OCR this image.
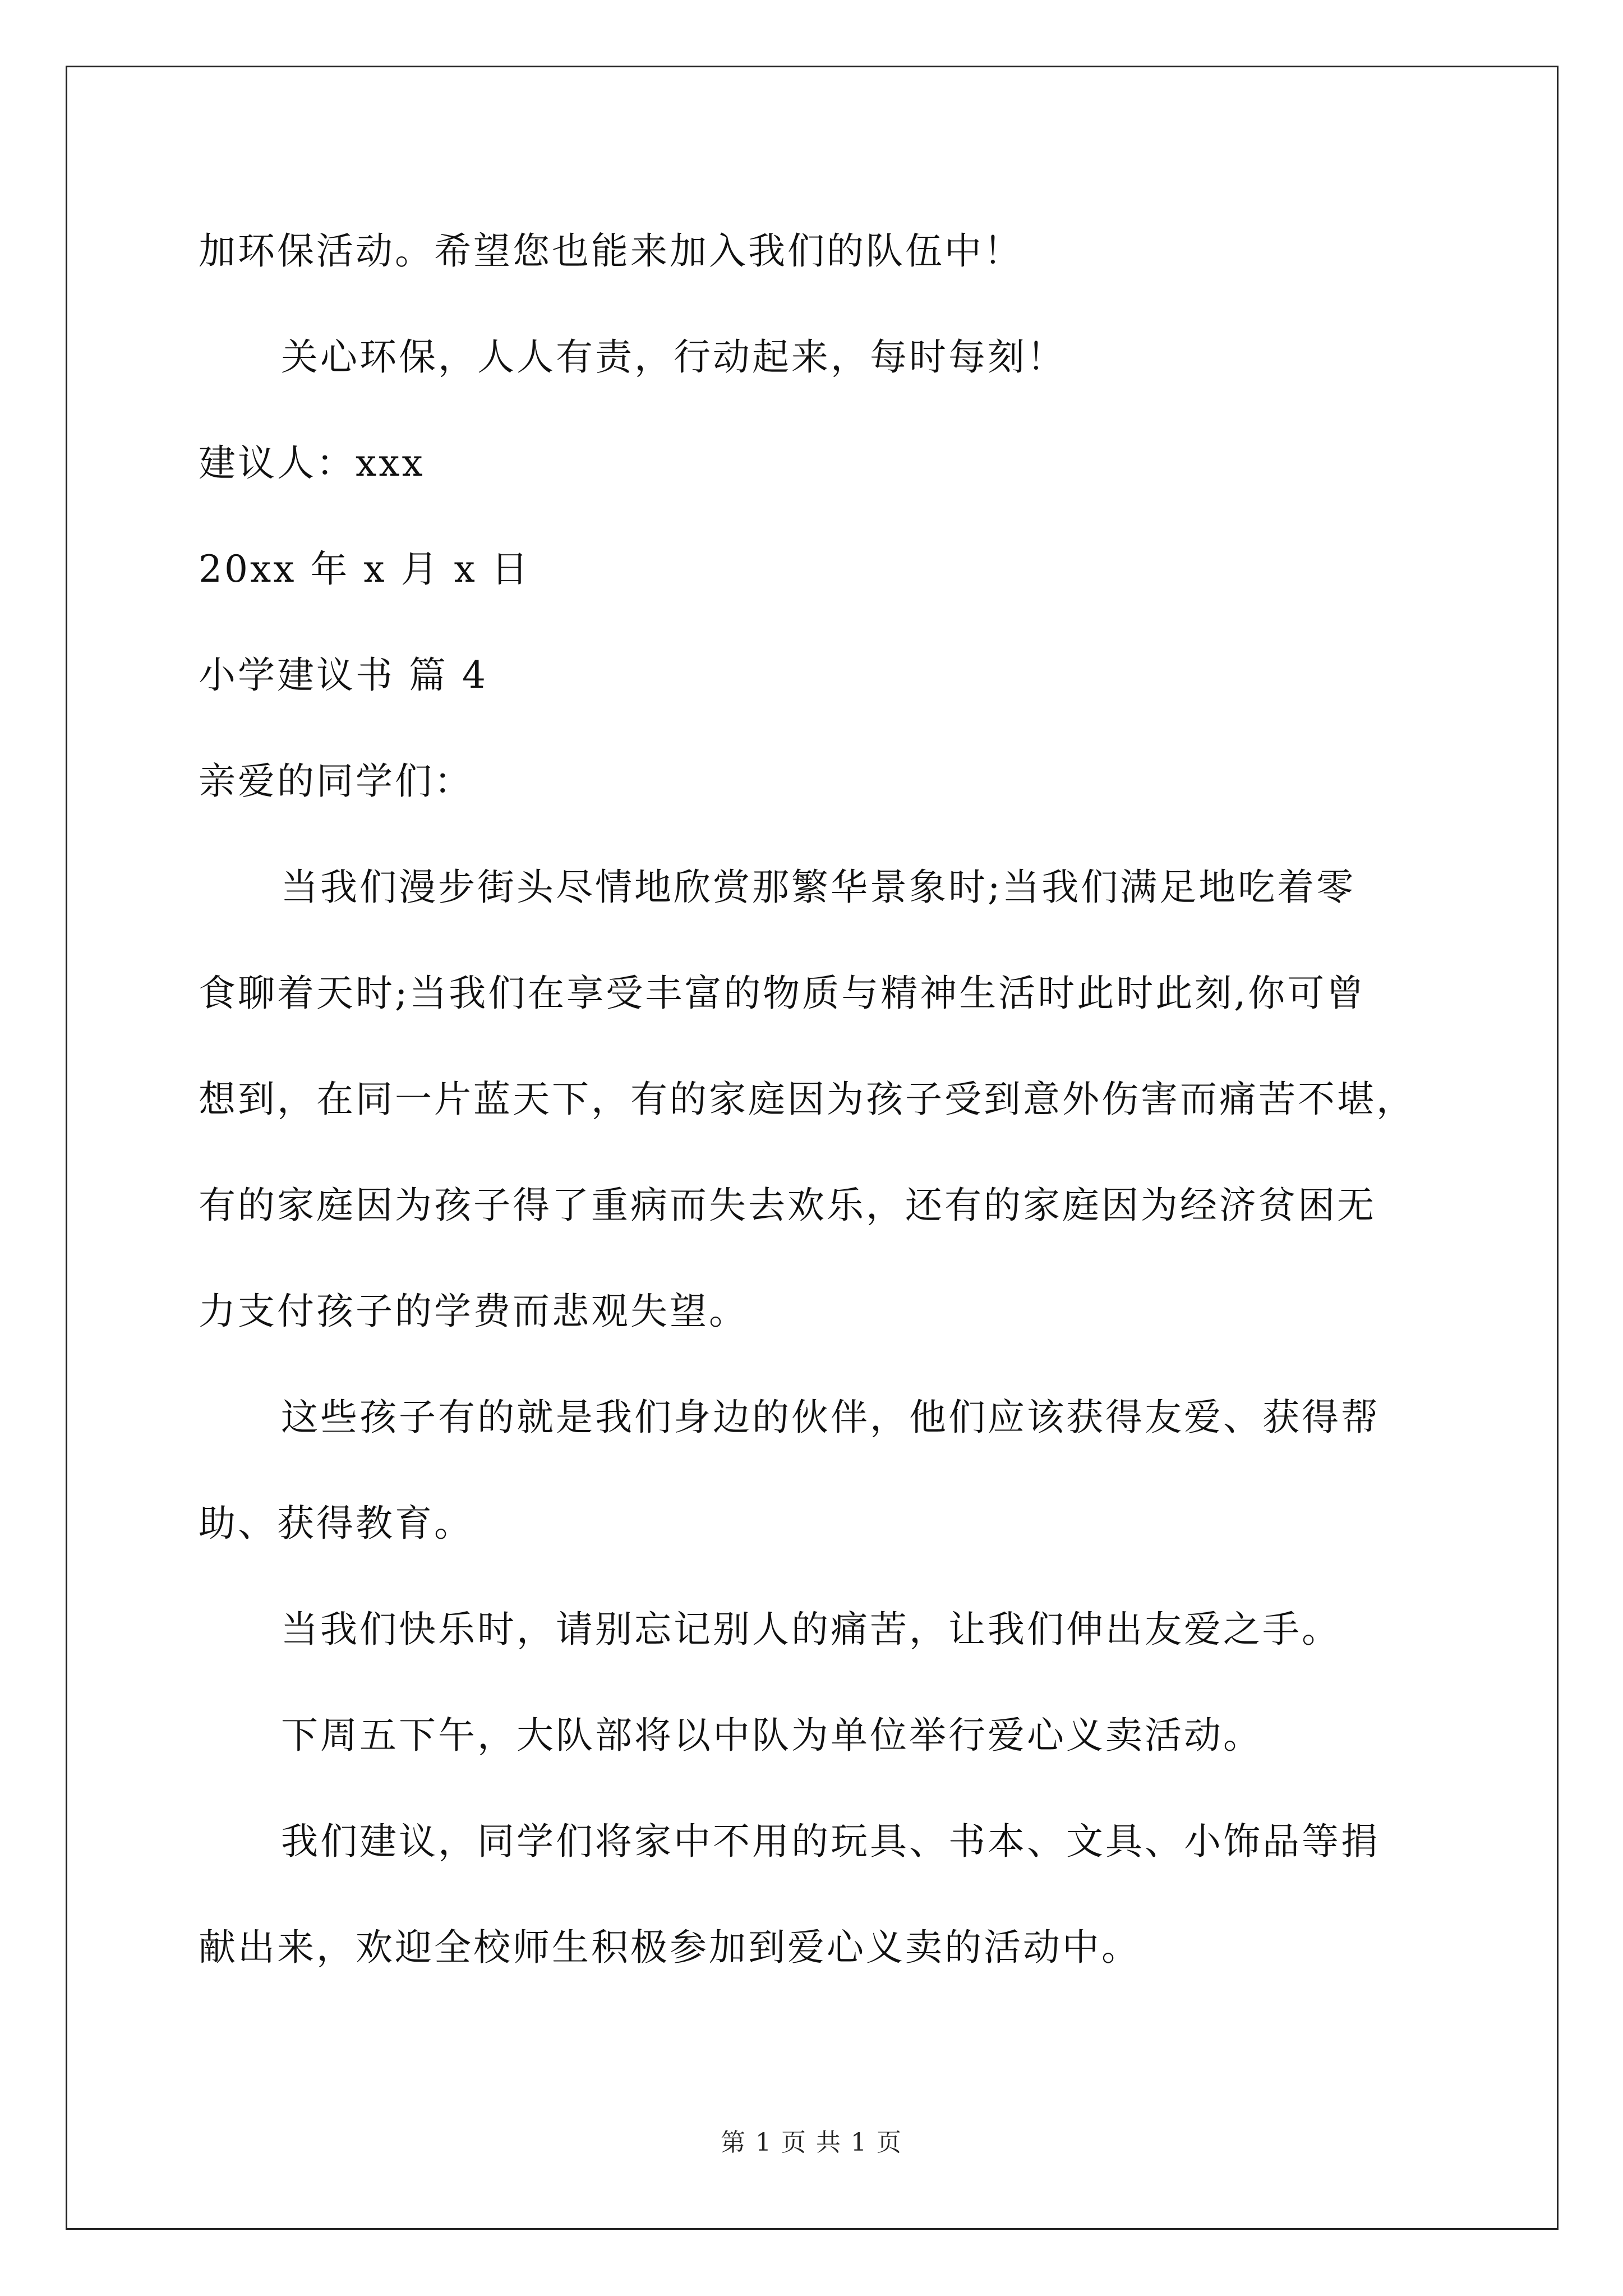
加环保活动。希望您也能来加入我们的队伍中！
关心环保，人人有责，行动起来，每时每刻！
建议人：xxx
20xx 年 x 月 x 日
小学建议书 篇 4
亲爱的同学们：
当我们漫步街头尽情地欣赏那繁华景象时;当我们满足地吃着零
食聊着天时;当我们在享受丰富的物质与精神生活时此时此刻,你可曾
想到，在同一片蓝天下，有的家庭因为孩子受到意外伤害而痛苦不堪，
有的家庭因为孩子得了重病而失去欢乐，还有的家庭因为经济贫困无
力支付孩子的学费而悲观失望。
这些孩子有的就是我们身边的伙伴，他们应该获得友爱、获得帮
助、获得教育。
当我们快乐时，请别忘记别人的痛苦，让我们伸出友爱之手。
下周五下午，大队部将以中队为单位举行爱心义卖活动。
我们建议，同学们将家中不用的玩具、书本、文具、小饰品等捐
献出来，欢迎全校师生积极参加到爱心义卖的活动中。
第 1 页 共 1 页
